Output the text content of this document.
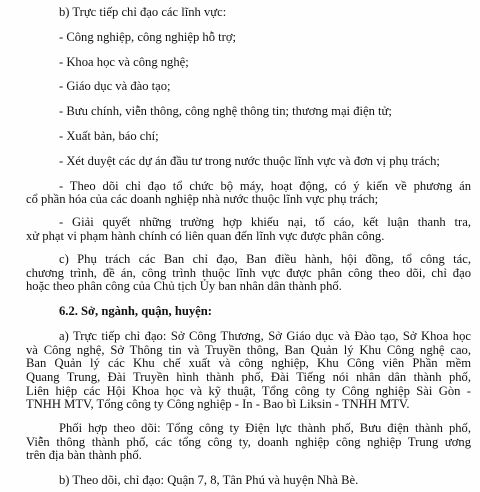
b) Trực tiếp chỉ đạo các lĩnh vực:
- Công nghiệp, công nghiệp hỗ trợ;
- Khoa học và công nghệ;
- Giáo dục và đào tạo;
- Bưu chính, viễn thông, công nghệ thông tin; thương mại điện tử;
- Xuất bản, báo chí;
- Xét duyệt các dự án đầu tư trong nước thuộc lĩnh vực và đơn vị phụ trách;
- Theo dõi chỉ đạo tổ chức bộ máy, hoạt động, có ý kiến về phương án
cổ phần hóa của các doanh nghiệp nhà nước thuộc lĩnh vực phụ trách;
- Giải quyết những trường hợp khiếu nại, tố cáo, kết luận thanh tra,
xử phạt vi phạm hành chính có liên quan đến lĩnh vực được phân công.
c) Phụ trách các Ban chỉ đạo, Ban điều hành, hội đồng, tổ công tác,
chương trình, đề án, công trình thuộc lĩnh vực được phân công theo dõi, chỉ đạo
hoặc theo phân công của Chủ tịch Ủy ban nhân dân thành phố.
6.2. Sở, ngành, quận, huyện:
a) Trực tiếp chỉ đạo: Sở Công Thương, Sở Giáo dục và Đào tạo, Sở Khoa học
và Công nghệ, Sở Thông tin và Truyền thông, Ban Quản lý Khu Công nghệ cao,
Ban Quản lý các Khu chế xuất và công nghiệp, Khu Công viên Phần mềm
Quang Trung, Đài Truyền hình thành phố, Đài Tiếng nói nhân dân thành phố,
Liên hiệp các Hội Khoa học và kỹ thuật, Tổng công ty Công nghiệp Sài Gòn -
TNHH MTV, Tổng công ty Công nghiệp - In - Bao bì Liksin - TNHH MTV.
Phối hợp theo dõi: Tổng công ty Điện lực thành phố, Bưu điện thành phố,
Viễn thông thành phố, các tổng công ty, doanh nghiệp công nghiệp Trung ương
trên địa bàn thành phố.
b) Theo dõi, chỉ đạo: Quận 7, 8, Tân Phú và huyện Nhà Bè.
